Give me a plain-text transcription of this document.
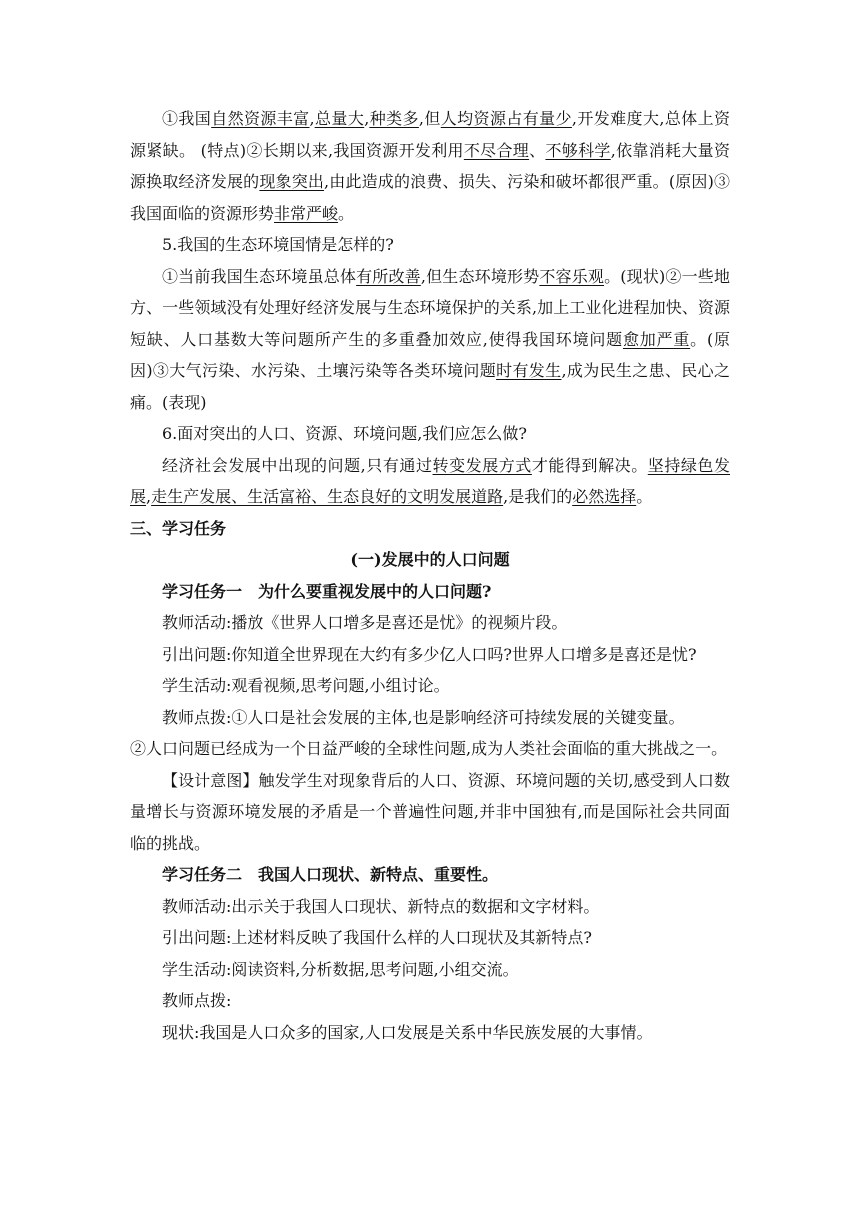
①我国自然资源丰富,总量大,种类多,但人均资源占有量少,开发难度大,总体上资源紧缺。 (特点)②长期以来,我国资源开发利用不尽合理、不够科学,依靠消耗大量资源换取经济发展的现象突出,由此造成的浪费、损失、污染和破坏都很严重。(原因)③我国面临的资源形势非常严峻。

5.我国的生态环境国情是怎样的?

①当前我国生态环境虽总体有所改善,但生态环境形势不容乐观。(现状)②一些地方、一些领域没有处理好经济发展与生态环境保护的关系,加上工业化进程加快、资源短缺、人口基数大等问题所产生的多重叠加效应,使得我国环境问题愈加严重。(原因)③大气污染、水污染、土壤污染等各类环境问题时有发生,成为民生之患、民心之痛。(表现)

6.面对突出的人口、资源、环境问题,我们应怎么做?

经济社会发展中出现的问题,只有通过转变发展方式才能得到解决。坚持绿色发展,走生产发展、生活富裕、生态良好的文明发展道路,是我们的必然选择。

三、学习任务

(一)发展中的人口问题

学习任务一　为什么要重视发展中的人口问题?

教师活动:播放《世界人口增多是喜还是忧》的视频片段。

引出问题:你知道全世界现在大约有多少亿人口吗?世界人口增多是喜还是忧?

学生活动:观看视频,思考问题,小组讨论。

教师点拨:①人口是社会发展的主体,也是影响经济可持续发展的关键变量。

②人口问题已经成为一个日益严峻的全球性问题,成为人类社会面临的重大挑战之一。

【设计意图】触发学生对现象背后的人口、资源、环境问题的关切,感受到人口数量增长与资源环境发展的矛盾是一个普遍性问题,并非中国独有,而是国际社会共同面临的挑战。

学习任务二　我国人口现状、新特点、重要性。

教师活动:出示关于我国人口现状、新特点的数据和文字材料。

引出问题:上述材料反映了我国什么样的人口现状及其新特点?

学生活动:阅读资料,分析数据,思考问题,小组交流。

教师点拨:

现状:我国是人口众多的国家,人口发展是关系中华民族发展的大事情。
